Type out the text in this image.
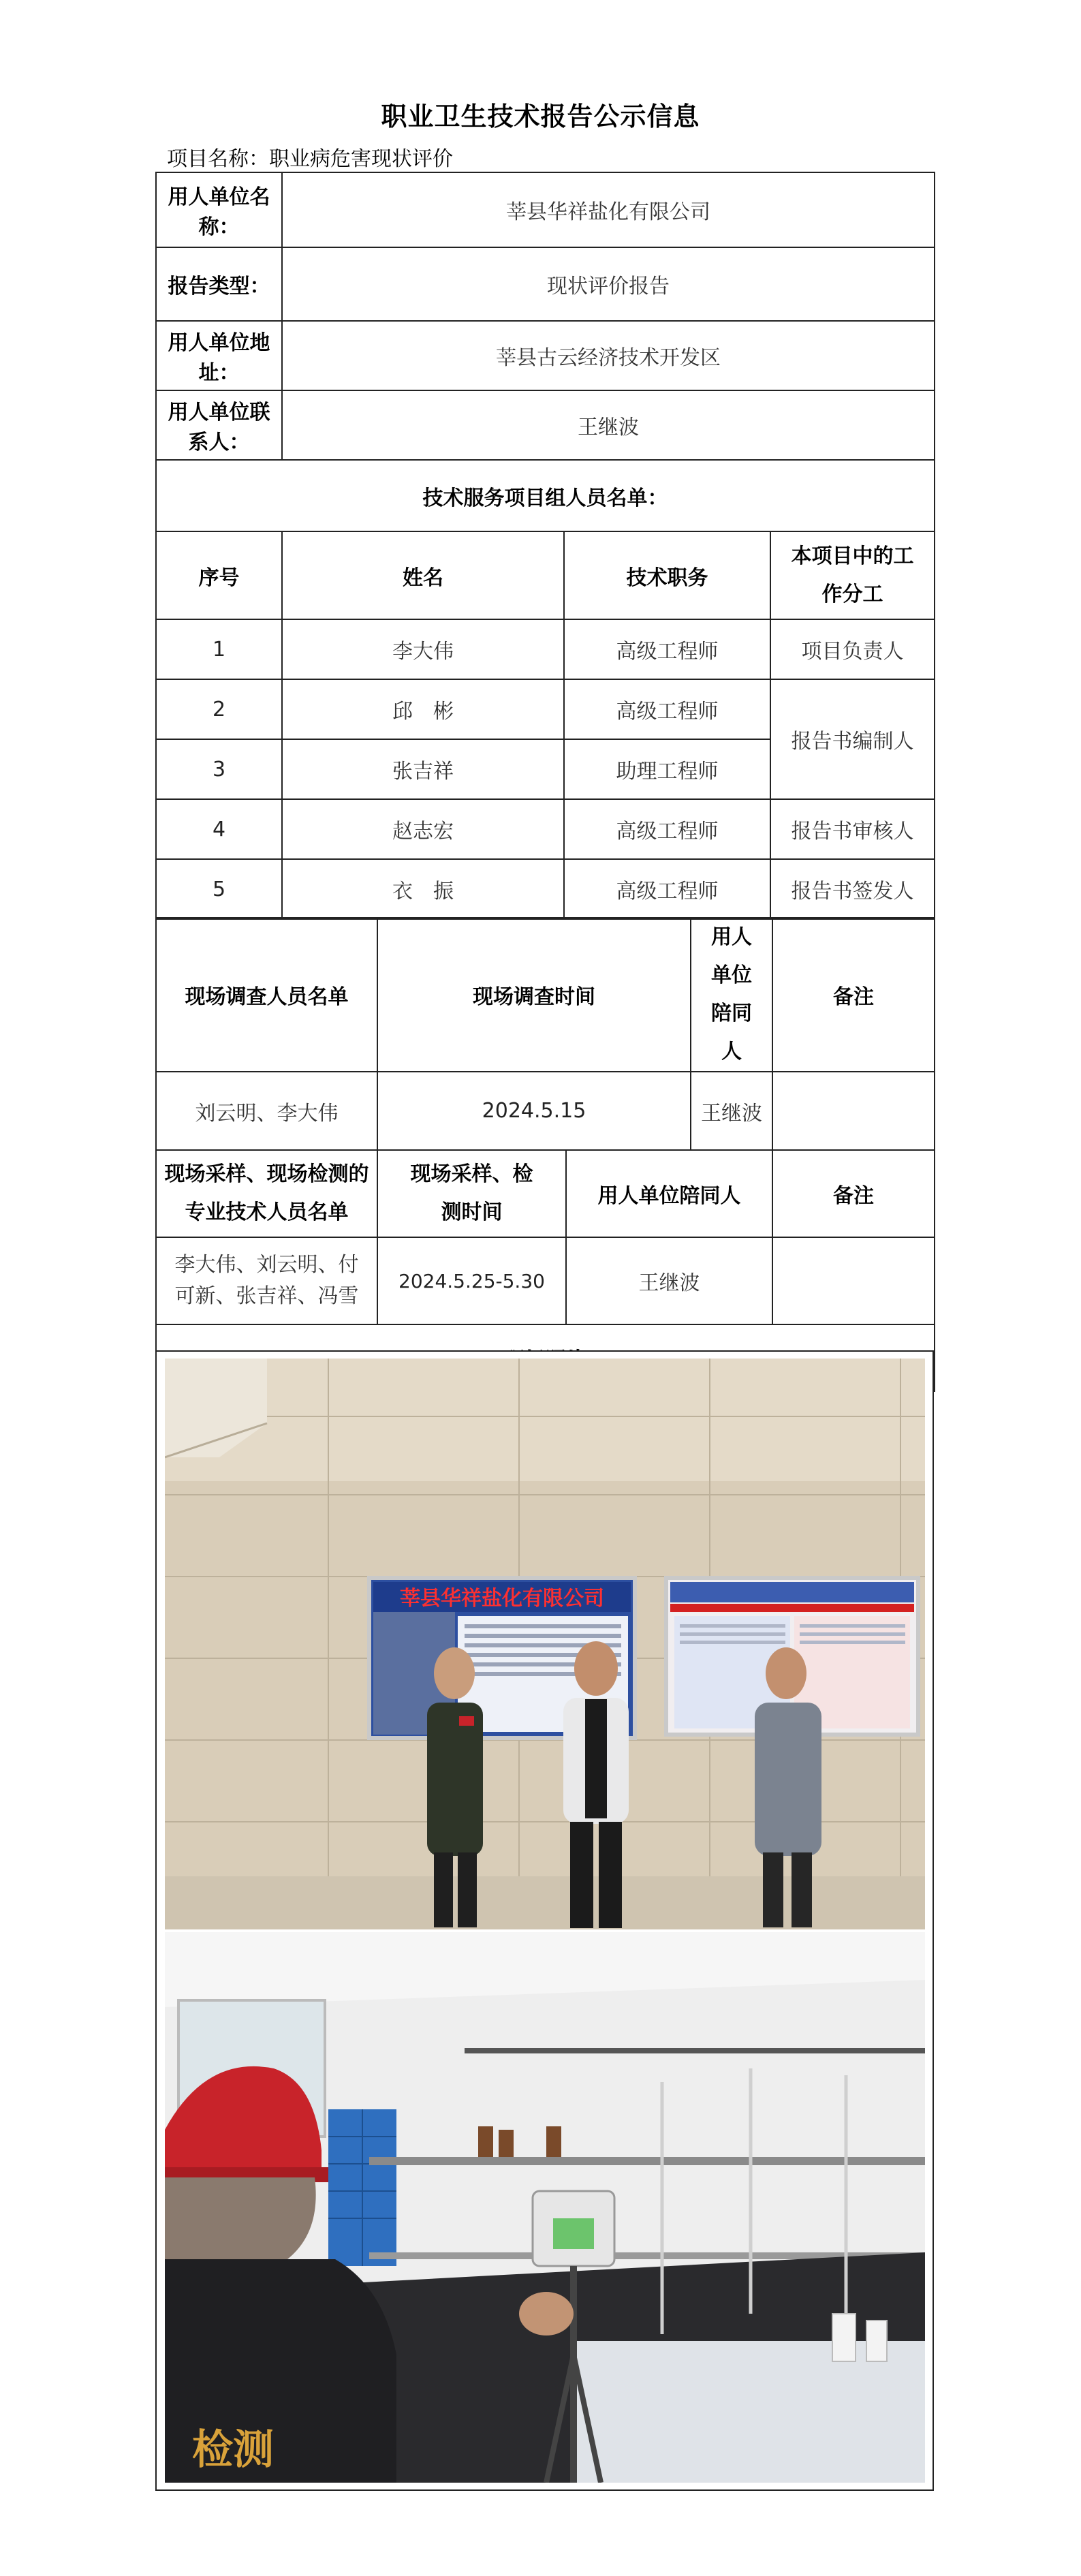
职业卫生技术报告公示信息
项目名称：职业病危害现状评价
用人单位名称：	莘县华祥盐化有限公司		
报告类型：	现状评价报告		
用人单位地址：	莘县古云经济技术开发区		
用人单位联系人：	王继波		
技术服务项目组人员名单：			
序号	姓名	技术职务	本项目中的工作分工
1	李大伟	高级工程师	项目负责人
2	邱　彬	高级工程师	报告书编制人
3	张吉祥	助理工程师	
4	赵志宏	高级工程师	报告书审核人
5	衣　振	高级工程师	报告书签发人
现场调查人员名单	现场调查时间		用人单位陪同人	备注
刘云明、李大伟	2024.5.15		王继波	
现场采样、现场检测的专业技术人员名单	现场采样、检测时间	用人单位陪同人		备注
李大伟、刘云明、付可新、张吉祥、冯雪	2024.5.25-5.30	王继波		

莘县华祥盐化有限公司
检测
